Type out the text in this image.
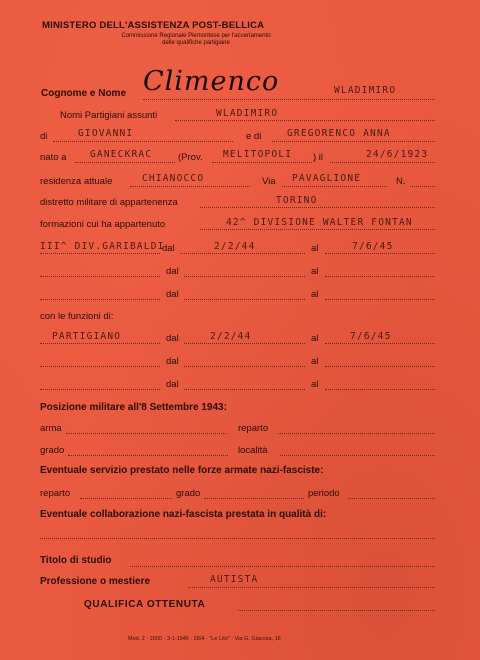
MINISTERO DELL'ASSISTENZA POST-BELLICA
Commissione Regionale Piemontese per l'accertamento
delle qualifiche partigiane
Cognome e Nome Climenco	WLADIMIRO
Nomi Partigiani assunti	WLADIMIRO
di	GIOVANNI	e di	GREGORENCO ANNA
nato a GANECKRAC	(Prov. MELITOPOLI ) il	24/6/1923
residenza attuale	CHIANOCCO	Via PAVAGLIONE	N.
distretto militare di appartenenza	TORINO
formazioni cui ha appartenuto	42^ DIVISIONE WALTER FONTAN
III^ DIV.GARIBALDI
dal	2/2/44	al	7/6/45
dal	al
dal	al
con le funzioni di:
PARTIGIANO	dal	2/2/44	al	7/6/45
dal	al
dal	al
Posizione militare all'8 Settembre 1943:
arma	reparto
grado	località
Eventuale servizio prestato nelle forze armate nazi-fasciste:
reparto	grado	periodo
Eventuale collaborazione nazi-fascista prestata in qualità di:
Titolo di studio
Professione o mestiere	AUTISTA
QUALIFICA OTTENUTA
Mod. 2 · 2000 · 3-1-1946 · 28/4 · "Le Lito" · Via G. Giacosa, 16
